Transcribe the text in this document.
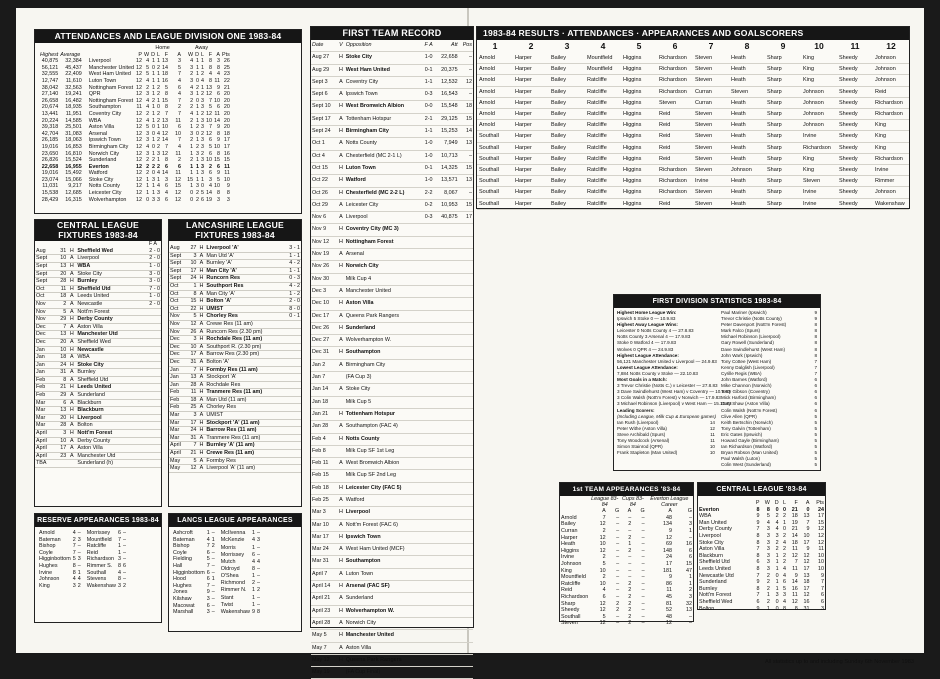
ATTENDANCES AND LEAGUE DIVISION ONE 1983-84
				Home					Away					
Highest	Average		P	W	D	L	F	A	W	D	L	F	A	Pts
40,875	32,384	Liverpool	12	4	1	1	13	3	4	1	1	8	3	26
56,121	45,437	Manchester United	12	5	0	2	14	5	3	1	1	8	8	25
32,555	22,409	West Ham United	12	5	1	1	18	7	2	1	2	4	4	23
12,747	11,610	Luton Town	12	4	1	1	16	4	3	0	4	8	11	22
38,042	32,563	Nottingham Forest	12	2	1	2	5	6	4	2	1	13	9	21
27,140	19,241	QPR	12	3	1	2	8	4	3	1	2	12	6	20
26,658	16,482	Nottingham Forest	12	4	2	1	15	7	2	0	3	7	10	20
20,674	18,935	Southampton	11	4	1	0	8	2	2	1	3	5	6	20
13,441	11,951	Coventry City	12	2	1	2	7	7	4	1	2	12	11	20
20,224	14,585	WBA	12	4	1	2	13	11	2	1	3	10	14	20
39,318	25,501	Aston Villa	12	5	0	1	10	6	1	2	3	7	9	20
42,704	31,083	Arsenal	12	3	0	4	12	10	3	0	2	12	8	18
26,185	18,063	Ipswich Town	12	3	1	2	14	7	2	1	3	6	9	17
19,016	16,853	Birmingham City	12	4	0	2	7	4	1	2	3	5	10	17
23,650	16,810	Norwich City	12	3	1	3	12	11	1	3	2	6	8	16
26,826	15,524	Sunderland	12	2	2	1	8	2	2	1	3	10	15	15
22,658	16,955	Everton	12	2	2	2	6	6	1	1	3	2	6	11
19,016	15,492	Watford	12	2	0	4	14	11	1	1	3	6	9	11
23,074	15,066	Stoke City	12	1	3	1	3	12	15	1	1	3	5	10
11,031	9,217	Notts County	12	1	1	4	6	15	1	3	0	4	10	9
15,538	12,685	Leicester City	12	1	1	3	4	12	0	2	5	14	8	8
28,429	16,315	Wolverhampton	12	0	3	3	6	12	0	2	6	19	3	3
CENTRAL LEAGUE
FIXTURES 1983-84
F A
Aug	31	H	Sheffield Wed	2 - 0
Sept	10	A	Liverpool	2 - 0
Sept	13	H	WBA	1 - 0
Sept	20	A	Stoke City	3 - 0
Sept	28	H	Burnley	3 - 0
Oct	11	H	Sheffield Utd	7 - 0
Oct	18	A	Leeds United	1 - 0
Nov	2	A	Newcastle	2 - 0
Nov	5	A	Nott'm Forest	
Nov	29	H	Derby County	
Dec	7	A	Aston Villa	
Dec	13	H	Manchester Utd	
Dec	20	A	Sheffield Wed	
Jan	10	H	Newcastle	
Jan	18	A	WBA	
Jan	24	H	Stoke City	
Jan	31	A	Burnley	
Feb	8	A	Sheffield Utd	
Feb	21	H	Leeds United	
Feb	29	A	Sunderland	
Mar	6	A	Blackburn	
Mar	13	H	Blackburn	
Mar	20	H	Liverpool	
Mar	28	A	Bolton	
April	3	H	Nott'm Forest	
April	10	A	Derby County	
April	17	A	Aston Villa	
April	23	A	Manchester Utd	
TBA			Sunderland (h)	
LANCASHIRE LEAGUE
FIXTURES 1983-84
Aug	27	H	Liverpool 'A'	3 - 1
Sept	3	A	Man Utd 'A'	1 - 1
Sept	10	A	Burnley 'A'	4 - 2
Sept	17	H	Man City 'A'	1 - 1
Sept	24	H	Runcorn Res	0 - 3
Oct	1	H	Southport Res	4 - 2
Oct	8	A	Man City 'A'	1 - 2
Oct	15	H	Bolton 'A'	2 - 0
Oct	22	H	UMIST	8 - 0
Nov	5	H	Chorley Res	0 - 1
Nov	12	A	Crewe Res (11 am)	
Nov	26	A	Runcorn Res (2.30 pm)	
Dec	3	H	Rochdale Res (11 am)	
Dec	10	A	Southport R. (2.30 pm)	
Dec	17	A	Barrow Res (2.30 pm)	
Dec	31	A	Bolton 'A'	
Jan	7	H	Formby Res (11 am)	
Jan	13	A	Stockport 'A'	
Jan	28	A	Rochdale Res	
Feb	11	H	Tranmere Res (11 am)	
Feb	18	A	Man Utd (11 am)	
Feb	25	A	Chorley Res	
Mar	3	A	UMIST	
Mar	17	H	Stockport 'A' (11 am)	
Mar	24	H	Barrow Res (11 am)	
Mar	31	A	Tranmere Res (11 am)	
April	7	H	Burnley 'A' (11 am)	
April	21	H	Crewe Res (11 am)	
May	5	A	Formby Res	
May	12	A	Liverpool 'A' (11 am)	
RESERVE APPEARANCES 1983-84

Arnold	4	–
Bateman	2	3
Bishop	7	–
Coyle	7	–
Higginbottom	5	3
Hughes	8	–
Irvine	8	1
Johnson	4	4
King	3	2

Morrissey	6	–
Mountfield	7	–
Ratcliffe	1	–
Reid	1	–
Richardson	3	–
Rimmer S.	8	6
Southall	4	–
Stevens	8	–
Wakenshaw	3	2
LANCS LEAGUE APPEARANCES

Ashcroft	1	–
Bateman	4	1
Bishop	7	2
Coyle	6	–
Fielding	5	–
Hall	7	–
Higginbottom	6	–
Hood	6	1
Hughes	7	–
Jones	9	–
Kilshaw	3	–
Macowat	6	–
Marshall	3	–

McIlvenna	1	–
McKenzie	4	3
Morris	1	–
Morrissey	6	–
Mutch	4	4
Oldroyd	8	–
O'Shea	1	–
Richmond	2	–
Rimmer N.	1	2
Stant	1	–
Twist	1	–
Wakenshaw	9	8
FIRST TEAM RECORD
Date	V	Opposition	F A	Att	Pos
Aug 27	H	Stoke City	1-0	22,658	–
Aug 29	H	West Ham United	0-1	20,375	–
Sept 3	A	Coventry City	1-1	12,532	12
Sept 6	A	Ipswich Town	0-3	16,543	–
Sept 10	H	West Bromwich Albion	0-0	15,548	18
Sept 17	A	Tottenham Hotspur	2-1	29,125	15
Sept 24	H	Birmingham City	1-1	15,253	14
Oct 1	A	Notts County	1-0	7,949	13
Oct 4	A	Chesterfield (MC 2-1 L)	1-0	10,713	–
Oct 15	H	Luton Town	0-1	14,325	15
Oct 22	H	Watford	1-0	13,571	13
Oct 26	H	Chesterfield (MC 2-2 L)	2-2	8,067	–
Oct 29	A	Leicester City	0-2	10,953	15
Nov 6	A	Liverpool	0-3	40,875	17
Nov 9	H	Coventry City (MC 3)			
Nov 12	H	Nottingham Forest			
Nov 19	A	Arsenal			
Nov 26	H	Norwich City			
Nov 30		Milk Cup 4			
Dec 3	A	Manchester United			
Dec 10	H	Aston Villa			
Dec 17	A	Queens Park Rangers			
Dec 26	H	Sunderland			
Dec 27	A	Wolverhampton W.			
Dec 31	H	Southampton			
Jan 2	A	Birmingham City			
Jan 7		(FA Cup 3)			
Jan 14	A	Stoke City			
Jan 18		Milk Cup 5			
Jan 21	H	Tottenham Hotspur			
Jan 28	A	Southampton (FAC 4)			
Feb 4	H	Notts County			
Feb 8		Milk Cup SF 1st Leg			
Feb 11	A	West Bromwich Albion			
Feb 15		Milk Cup SF 2nd Leg			
Feb 18	H	Leicester City (FAC 5)			
Feb 25	A	Watford			
Mar 3	H	Liverpool			
Mar 10	A	Nott'm Forest (FAC 6)			
Mar 17	H	Ipswich Town			
Mar 24	A	West Ham United (MCF)			
Mar 31	H	Southampton			
April 7	A	Luton Town			
April 14	H	Arsenal (FAC SF)			
April 21	A	Sunderland			
April 23	H	Wolverhampton W.			
April 28	A	Norwich City			
May 5	H	Manchester United			
May 7	A	Aston Villa			
May 12	H	Queens Park Rangers			
May 19		(FA Cup Final)			
1983-84 RESULTS · ATTENDANCES · APPEARANCES AND GOALSCORERS											
1	2	3	4	5	6	7	8	9	10	11	12
Arnold	Harper	Bailey	Mountfield	Higgins	Richardson	Steven	Heath	Sharp	King	Sheedy	Johnson
Arnold	Harper	Bailey	Mountfield	Higgins	Richardson	Steven	Heath	Sharp	King	Sheedy	Johnson
Arnold	Harper	Bailey	Ratcliffe	Higgins	Richardson	Steven	Heath	Sharp	King	Sheedy	Johnson
Arnold	Harper	Bailey	Ratcliffe	Higgins	Richardson	Curran	Steven	Sharp	Johnson	Sheedy	Reid
Arnold	Harper	Bailey	Ratcliffe	Higgins	Steven	Curran	Heath	Sharp	Johnson	Sheedy	Richardson
Arnold	Harper	Bailey	Ratcliffe	Higgins	Reid	Steven	Heath	Sharp	Johnson	Sheedy	Richardson
Arnold	Harper	Bailey	Ratcliffe	Higgins	Reid	Steven	Heath	Sharp	Johnson	Sheedy	King
Southall	Harper	Bailey	Ratcliffe	Higgins	Reid	Steven	Heath	Sharp	Irvine	Sheedy	King
Southall	Harper	Bailey	Ratcliffe	Higgins	Reid	Steven	Heath	Sharp	Richardson	Sheedy	King
Southall	Harper	Bailey	Ratcliffe	Higgins	Reid	Steven	Heath	Sharp	King	Sheedy	Richardson
Southall	Harper	Bailey	Ratcliffe	Higgins	Richardson	Steven	Johnson	Sharp	King	Sheedy	Irvine
Southall	Harper	Bailey	Ratcliffe	Higgins	Richardson	Irvine	Heath	Sharp	Steven	Sheedy	Rimmer
Southall	Harper	Bailey	Ratcliffe	Higgins	Richardson	Steven	Heath	Sharp	Irvine	Sheedy	Johnson
Southall	Harper	Bailey	Ratcliffe	Higgins	Reid	Steven	Heath	Sharp	Irvine	Sheedy	Wakenshaw
FIRST DIVISION STATISTICS 1983-84
Highest Home League Win:
Ipswich 5 Stoke 0 — 10.9.83
Highest Away League Wins:
Leicester 0 Notts County 4 — 27.8.83
Notts County 3 Arsenal 4 — 17.9.83
Stoke 0 Watford 4 — 17.9.83
Wolves 0 QPR 4 — 24.9.83
Highest League Attendance:
56,121 Manchester United v Liverpool — 24.9.83
Lowest League Attendance:
7,884 Notts County v Stoke — 22.10.83
Most Goals in a Match:
3 Trevor Christie (Notts C.) v Leicester — 27.8.83
3 Dave Swindlehurst (West Ham) v Coventry — 10.9.83
3 Colin Walsh (Nott'm Forest) v Norwich — 17.9.83
3 Michael Robinson (Liverpool) v West Ham — 15.10.83
Leading Scorers:
(Including League, Milk Cup & European games)
Ian Rush (Liverpool)	14
Peter Withe (Aston Villa)	12
Steve Archibald (Spurs)	11
Tony Woodcock (Arsenal)	11
Simon Stainrod (QPR)	10
Frank Stapleton (Man United)	10
Paul Mariner (Ipswich)	9
Trevor Christie (Notts County)	9
Peter Davenport (Nott'm Forest)	8
Mark Falco (Spurs)	8
Michael Robinson (Liverpool)	8
Gary Rowell (Sunderland)	8
Dave Swindlehurst (West Ham)	8
John Wark (Ipswich)	8
Tony Cottee (West Ham)	7
Kenny Dalglish (Liverpool)	7
Cyrille Regis (WBA)	7
John Barnes (Watford)	6
Mike Channon (Norwich)	6
Terry Gibson (Coventry)	6
Mick Harford (Birmingham)	6
Gary Shaw (Aston Villa)	6
Colin Walsh (Nott'm Forest)	6
Clive Allen (QPR)	5
Keith Bertschin (Norwich)	5
Tony Galvin (Tottenham)	5
Eric Gates (Ipswich)	5
Howard Gayle (Birmingham)	5
Ian Richardson (Watford)	5
Bryan Robson (Man United)	5
Paul Walsh (Luton)	5
Colin West (Sunderland)	5
1st TEAM APPEARANCES '83-84
	League 83-84		Cups 83-84		Everton League Career	
	A	G	A	G	A	G
Arnold	7	–	–	–	48	–
Bailey	12	–	2	–	134	3
Curran	2	–	–	–	9	1
Harper	12	–	2	–	12	–
Heath	10	–	1	–	69	16
Higgins	12	–	2	–	148	6
Irvine	2	–	–	–	24	6
Johnson	5	–	–	–	17	15
King	10	–	–	–	181	47
Mountfield	2	–	–	–	9	1
Ratcliffe	10	–	2	–	86	1
Reid	4	–	2	–	11	2
Richardson	6	–	2	–	45	3
Sharp	12	2	2	–	81	32
Sheedy	12	2	2	–	52	13
Southall	5	–	2	–	48	–
Steven	12	–	2	–	12	–
CENTRAL LEAGUE '83-84
	P	W	D	L	F	A	Pts
Everton	8	8	0	0	21	0	24
WBA	9	5	2	2	18	13	17
Man United	9	4	4	1	19	7	15
Derby County	7	3	4	0	21	9	12
Liverpool	8	3	3	2	14	10	12
Stoke City	8	3	2	4	18	17	12
Aston Villa	7	3	2	2	11	9	11
Blackburn	8	3	1	2	12	12	10
Sheffield Utd	6	3	1	2	7	12	10
Leeds United	8	3	1	4	11	17	10
Newcastle Utd	7	2	0	4	9	13	9
Sunderland	9	2	1	6	14	18	7
Burnley	8	2	1	5	16	17	7
Nott'm Forest	7	1	3	3	11	12	6
Sheffield Wed	6	2	0	4	12	16	6
Bolton	9	1	0	8	8	31	3
All statistics up to and including Sunday 6th November 1983
